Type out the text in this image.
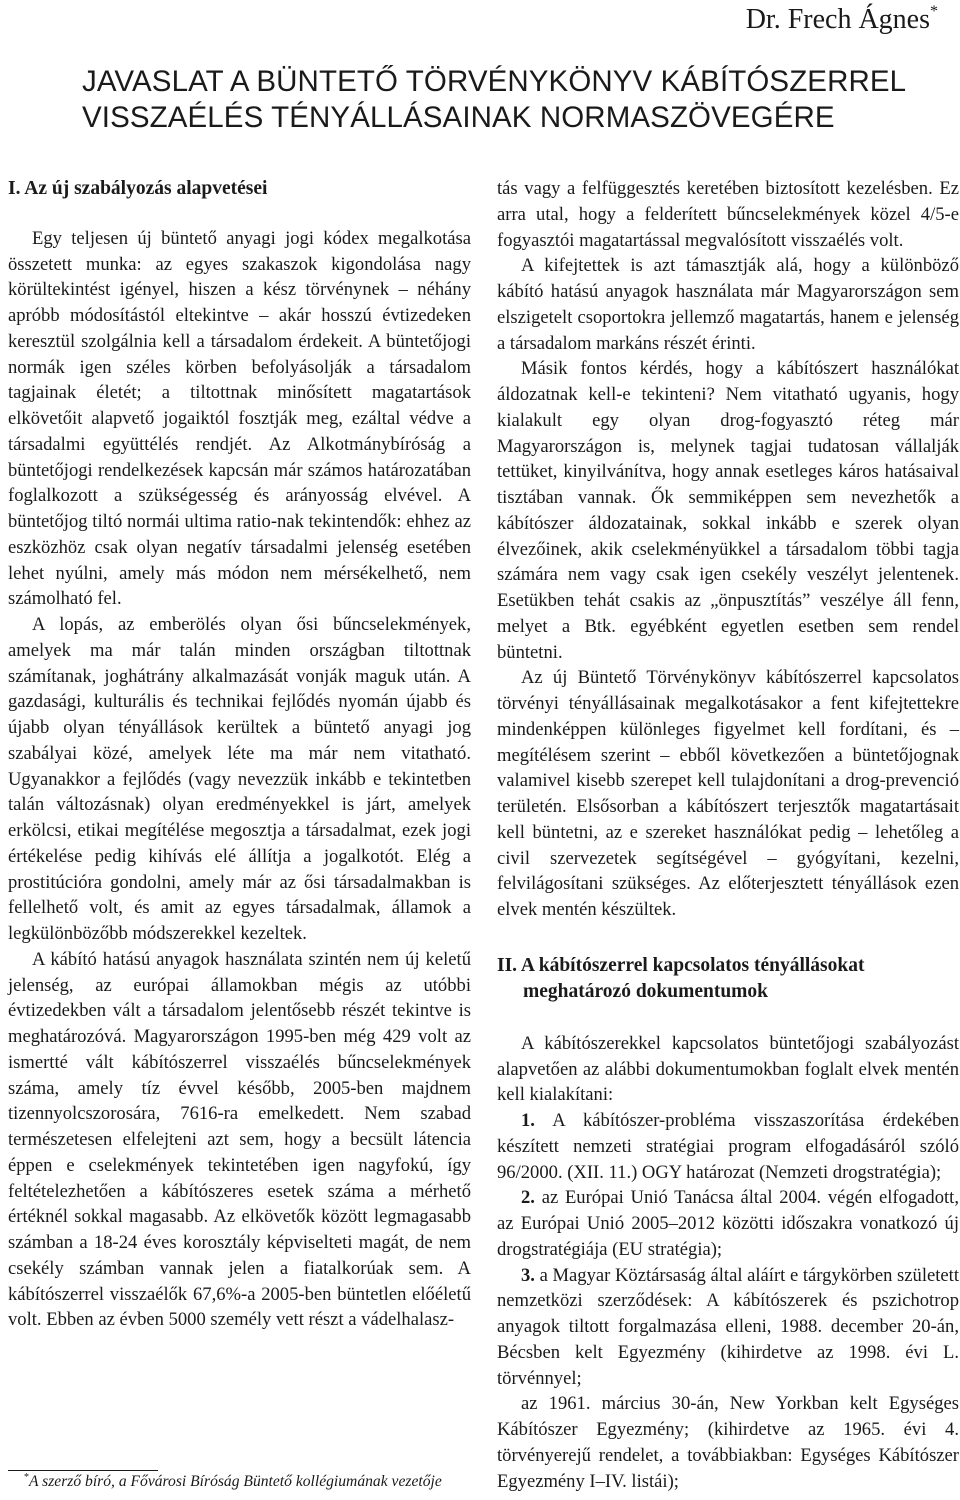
Dr. Frech Ágnes*
JAVASLAT A BÜNTETŐ TÖRVÉNYKÖNYV KÁBÍTÓSZERREL
VISSZAÉLÉS TÉNYÁLLÁSAINAK NORMASZÖVEGÉRE
I. Az új szabályozás alapvetései

Egy teljesen új büntető anyagi jogi kódex megalkotása összetett munka: az egyes szakaszok kigondolása nagy körültekintést igényel, hiszen a kész törvénynek – néhány apróbb módosítástól eltekintve – akár hosszú évtizedeken keresztül szolgálnia kell a társadalom érdekeit. A büntetőjogi normák igen széles körben befolyásolják a társadalom tagjainak életét; a tiltottnak minősített magatartások elkövetőit alapvető jogaiktól fosztják meg, ezáltal védve a társadalmi együttélés rendjét. Az Alkotmánybíróság a büntetőjogi rendelkezések kapcsán már számos határozatában foglalkozott a szükségesség és arányosság elvével. A büntetőjog tiltó normái ultima ratio-nak tekintendők: ehhez az eszközhöz csak olyan negatív társadalmi jelenség esetében lehet nyúlni, amely más módon nem mérsékelhető, nem számolható fel.

A lopás, az emberölés olyan ősi bűncselekmények, amelyek ma már talán minden országban tiltottnak számítanak, joghátrány alkalmazását vonják maguk után. A gazdasági, kulturális és technikai fejlődés nyomán újabb és újabb olyan tényállások kerültek a büntető anyagi jog szabályai közé, amelyek léte ma már nem vitatható. Ugyanakkor a fejlődés (vagy nevezzük inkább e tekintetben talán változásnak) olyan eredményekkel is járt, amelyek erkölcsi, etikai megítélése megosztja a társadalmat, ezek jogi értékelése pedig kihívás elé állítja a jogalkotót. Elég a prostitúcióra gondolni, amely már az ősi társadalmakban is fellelhető volt, és amit az egyes társadalmak, államok a legkülönbözőbb módszerekkel kezeltek.

A kábító hatású anyagok használata szintén nem új keletű jelenség, az európai államokban mégis az utóbbi évtizedekben vált a társadalom jelentősebb részét tekintve is meghatározóvá. Magyarországon 1995-ben még 429 volt az ismertté vált kábítószerrel visszaélés bűncselekmények száma, amely tíz évvel később, 2005-ben majdnem tizennyolcszorosára, 7616-ra emelkedett. Nem szabad természetesen elfelejteni azt sem, hogy a becsült látencia éppen e cselekmények tekintetében igen nagyfokú, így feltételezhetően a kábítószeres esetek száma a mérhető értéknél sokkal magasabb. Az elkövetők között legmagasabb számban a 18-24 éves korosztály képviselteti magát, de nem csekély számban vannak jelen a fiatalkorúak sem. A kábítószerrel visszaélők 67,6%-a 2005-ben büntetlen előéletű volt. Ebben az évben 5000 személy vett részt a vádelhalasz-

tás vagy a felfüggesztés keretében biztosított kezelésben. Ez arra utal, hogy a felderített bűncselekmények közel 4/5-e fogyasztói magatartással megvalósított visszaélés volt.

A kifejtettek is azt támasztják alá, hogy a különböző kábító hatású anyagok használata már Magyarországon sem elszigetelt csoportokra jellemző magatartás, hanem e jelenség a társadalom markáns részét érinti.

Másik fontos kérdés, hogy a kábítószert használókat áldozatnak kell-e tekinteni? Nem vitatható ugyanis, hogy kialakult egy olyan drog-fogyasztó réteg már Magyarországon is, melynek tagjai tudatosan vállalják tettüket, kinyilvánítva, hogy annak esetleges káros hatásaival tisztában vannak. Ők semmiképpen sem nevezhetők a kábítószer áldozatainak, sokkal inkább e szerek olyan élvezőinek, akik cselekményükkel a társadalom többi tagja számára nem vagy csak igen csekély veszélyt jelentenek. Esetükben tehát csakis az „önpusztítás” veszélye áll fenn, melyet a Btk. egyébként egyetlen esetben sem rendel büntetni.

Az új Büntető Törvénykönyv kábítószerrel kapcsolatos törvényi tényállásainak megalkotásakor a fent kifejtettekre mindenképpen különleges figyelmet kell fordítani, és – megítélésem szerint – ebből következően a büntetőjognak valamivel kisebb szerepet kell tulajdonítani a drog-prevenció területén. Elsősorban a kábítószert terjesztők magatartásait kell büntetni, az e szereket használókat pedig – lehetőleg a civil szervezetek segítségével – gyógyítani, kezelni, felvilágosítani szükséges. Az előterjesztett tényállások ezen elvek mentén készültek.

II. A kábítószerrel kapcsolatos tényállásokat
meghatározó dokumentumok

A kábítószerekkel kapcsolatos büntetőjogi szabályozást alapvetően az alábbi dokumentumokban foglalt elvek mentén kell kialakítani:

1. A kábítószer-probléma visszaszorítása érdekében készített nemzeti stratégiai program elfogadásáról szóló 96/2000. (XII. 11.) OGY határozat (Nemzeti drogstratégia);

2. az Európai Unió Tanácsa által 2004. végén elfogadott, az Európai Unió 2005–2012 közötti időszakra vonatkozó új drogstratégiája (EU stratégia);

3. a Magyar Köztársaság által aláírt e tárgykörben született nemzetközi szerződések: A kábítószerek és pszichotrop anyagok tiltott forgalmazása elleni, 1988. december 20-án, Bécsben kelt Egyezmény (kihirdetve az 1998. évi L. törvénnyel;

az 1961. március 30-án, New Yorkban kelt Egységes Kábítószer Egyezmény; (kihirdetve az 1965. évi 4. törvényerejű rendelet, a továbbiakban: Egységes Kábítószer Egyezmény I–IV. listái);

*A szerző bíró, a Fővárosi Bíróság Büntető kollégiumának vezetője
